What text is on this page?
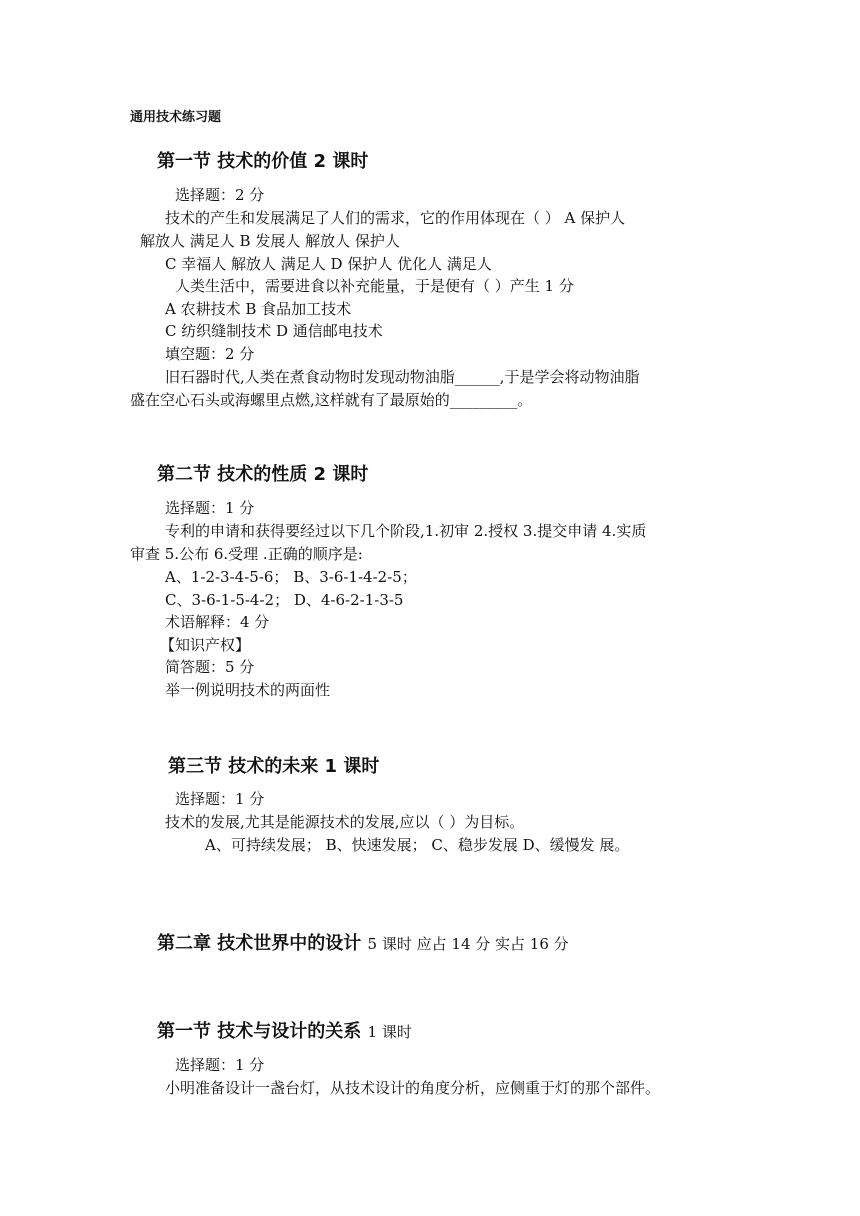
通用技术练习题
第一节 技术的价值 2 课时
选择题：2 分
技术的产生和发展满足了人们的需求，它的作用体现在（ ） A 保护人
解放人 满足人 B 发展人 解放人 保护人
C 幸福人 解放人 满足人 D 保护人 优化人 满足人
人类生活中，需要进食以补充能量，于是便有（ ）产生 1 分
A 农耕技术 B 食品加工技术
C 纺织缝制技术 D 通信邮电技术
填空题：2 分
旧石器时代,人类在煮食动物时发现动物油脂______,于是学会将动物油脂
盛在空心石头或海螺里点燃,这样就有了最原始的_________。
第二节 技术的性质 2 课时
选择题：1 分
专利的申请和获得要经过以下几个阶段,1.初审 2.授权 3.提交申请 4.实质
审查 5.公布 6.受理 .正确的顺序是:
A、1-2-3-4-5-6； B、3-6-1-4-2-5；
C、3-6-1-5-4-2； D、4-6-2-1-3-5
术语解释：4 分
【知识产权】
简答题：5 分
举一例说明技术的两面性
第三节 技术的未来 1 课时
选择题：1 分
技术的发展,尤其是能源技术的发展,应以（ ）为目标。
A、可持续发展； B、快速发展； C、稳步发展 D、缓慢发 展。
第二章 技术世界中的设计 5 课时 应占 14 分 实占 16 分
第一节 技术与设计的关系 1 课时
选择题：1 分
小明准备设计一盏台灯，从技术设计的角度分析，应侧重于灯的那个部件。
